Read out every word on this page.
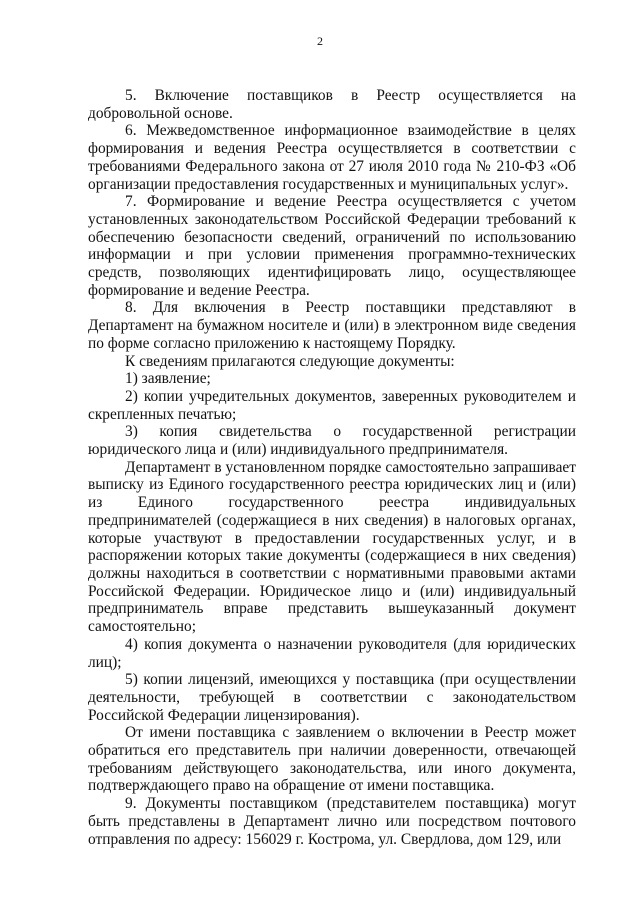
2

5. Включение поставщиков в Реестр осуществляется на добровольной основе.

6. Межведомственное информационное взаимодействие в целях формирования и ведения Реестра осуществляется в соответствии с требованиями Федерального закона от 27 июля 2010 года № 210-ФЗ «Об организации предоставления государственных и муниципальных услуг».

7. Формирование и ведение Реестра осуществляется с учетом установленных законодательством Российской Федерации требований к обеспечению безопасности сведений, ограничений по использованию информации и при условии применения программно-технических средств, позволяющих идентифицировать лицо, осуществляющее формирование и ведение Реестра.

8. Для включения в Реестр поставщики представляют в Департамент на бумажном носителе и (или) в электронном виде сведения по форме согласно приложению к настоящему Порядку.

К сведениям прилагаются следующие документы:

1) заявление;

2) копии учредительных документов, заверенных руководителем и скрепленных печатью;

3) копия свидетельства о государственной регистрации юридического лица и (или) индивидуального предпринимателя.

Департамент в установленном порядке самостоятельно запрашивает выписку из Единого государственного реестра юридических лиц и (или) из Единого государственного реестра индивидуальных предпринимателей (содержащиеся в них сведения) в налоговых органах, которые участвуют в предоставлении государственных услуг, и в распоряжении которых такие документы (содержащиеся в них сведения) должны находиться в соответствии с нормативными правовыми актами Российской Федерации. Юридическое лицо и (или) индивидуальный предприниматель вправе представить вышеуказанный документ самостоятельно;

4) копия документа о назначении руководителя (для юридических лиц);

5) копии лицензий, имеющихся у поставщика (при осуществлении деятельности, требующей в соответствии с законодательством Российской Федерации лицензирования).

От имени поставщика с заявлением о включении в Реестр может обратиться его представитель при наличии доверенности, отвечающей требованиям действующего законодательства, или иного документа, подтверждающего право на обращение от имени поставщика.

9. Документы поставщиком (представителем поставщика) могут быть представлены в Департамент лично или посредством почтового отправления по адресу: 156029 г. Кострома, ул. Свердлова, дом 129, или
